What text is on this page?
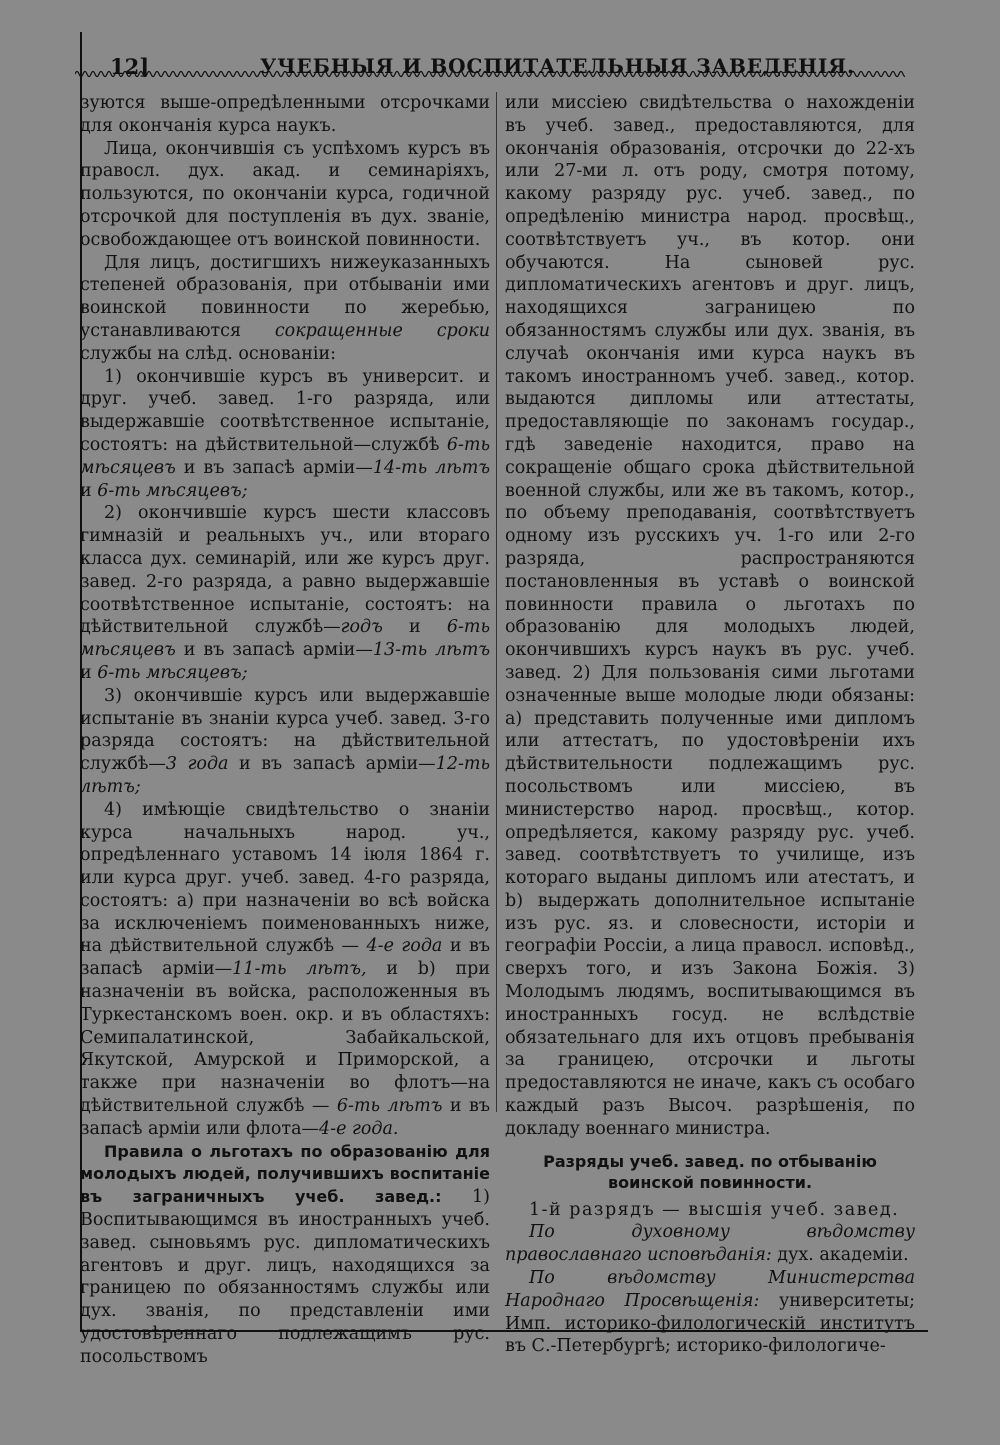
12]	УЧЕБНЫЯ И ВОСПИТАТЕЛЬНЫЯ ЗАВЕДЕНІЯ.

зуются выше-опредѣленными отсрочками для окончанія курса наукъ.

Лица, окончившія съ успѣхомъ курсъ въ правосл. дух. акад. и семинаріяхъ, пользуются, по окончаніи курса, годичной отсрочкой для поступленія въ дух. званіе, освобождающее отъ воинской повинности.

Для лицъ, достигшихъ нижеуказанныхъ степеней образованія, при отбываніи ими воинской повинности по жеребью, устанавливаются сокращенные сроки службы на слѣд. основаніи:

1) окончившіе курсъ въ университ. и друг. учеб. завед. 1-го разряда, или выдержавшіе соотвѣтственное испытаніе, состоятъ: на дѣйствительной—службѣ 6-ть мѣсяцевъ и въ запасѣ арміи—14-ть лѣтъ и 6-ть мѣсяцевъ;

2) окончившіе курсъ шести классовъ гимназій и реальныхъ уч., или втораго класса дух. семинарій, или же курсъ друг. завед. 2-го разряда, а равно выдержавшіе соотвѣтственное испытаніе, состоятъ: на дѣйствительной службѣ—годъ и 6-ть мѣсяцевъ и въ запасѣ арміи—13-ть лѣтъ и 6-ть мѣсяцевъ;

3) окончившіе курсъ или выдержавшіе испытаніе въ знаніи курса учеб. завед. 3-го разряда состоятъ: на дѣйствительной службѣ—3 года и въ запасѣ арміи—12-ть лѣтъ;

4) имѣющіе свидѣтельство о знаніи курса начальныхъ народ. уч., опредѣленнаго уставомъ 14 іюля 1864 г. или курса друг. учеб. завед. 4-го разряда, состоятъ: а) при назначеніи во всѣ войска за исключеніемъ поименованныхъ ниже, на дѣйствительной службѣ — 4-е года и въ запасѣ арміи—11-ть лѣтъ, и b) при назначеніи въ войска, расположенныя въ Туркестанскомъ воен. окр. и въ областяхъ: Семипалатинской, Забайкальской, Якутской, Амурской и Приморской, а также при назначеніи во флотъ—на дѣйствительной службѣ — 6-ть лѣтъ и въ запасѣ арміи или флота—4-е года.

Правила о льготахъ по образованію для молодыхъ людей, получившихъ воспитаніе въ заграничныхъ учеб. завед.: 1) Воспитывающимся въ иностранныхъ учеб. завед. сыновьямъ рус. дипломатическихъ агентовъ и друг. лицъ, находящихся за границею по обязанностямъ службы или дух. званія, по представленіи ими удостовѣреннаго подлежащимъ рус. посольствомъ

или миссіею свидѣтельства о нахожденіи въ учеб. завед., предоставляются, для окончанія образованія, отсрочки до 22-хъ или 27-ми л. отъ роду, смотря потому, какому разряду рус. учеб. завед., по опредѣленію министра народ. просвѣщ., соотвѣтствуетъ уч., въ котор. они обучаются. На сыновей рус. дипломатическихъ агентовъ и друг. лицъ, находящихся заграницею по обязанностямъ службы или дух. званія, въ случаѣ окончанія ими курса наукъ въ такомъ иностранномъ учеб. завед., котор. выдаются дипломы или аттестаты, предоставляющіе по законамъ государ., гдѣ заведеніе находится, право на сокращеніе общаго срока дѣйствительной военной службы, или же въ такомъ, котор., по объему преподаванія, соотвѣтствуетъ одному изъ русскихъ уч. 1-го или 2-го разряда, распространяются постановленныя въ уставѣ о воинской повинности правила о льготахъ по образованію для молодыхъ людей, окончившихъ курсъ наукъ въ рус. учеб. завед. 2) Для пользованія сими льготами означенные выше молодые люди обязаны: а) представить полученные ими дипломъ или аттестатъ, по удостовѣреніи ихъ дѣйствительности подлежащимъ рус. посольствомъ или миссіею, въ министерство народ. просвѣщ., котор. опредѣляется, какому разряду рус. учеб. завед. соотвѣтствуетъ то училище, изъ котораго выданы дипломъ или атестатъ, и b) выдержать дополнительное испытаніе изъ рус. яз. и словесности, исторіи и географіи Россіи, а лица правосл. исповѣд., сверхъ того, и изъ Закона Божія. 3) Молодымъ людямъ, воспитывающимся въ иностранныхъ госуд. не вслѣдствіе обязательнаго для ихъ отцовъ пребыванія за границею, отсрочки и льготы предоставляются не иначе, какъ съ особаго каждый разъ Высоч. разрѣшенія, по докладу военнаго министра.

Разряды учеб. завед. по отбыванію воинской повинности.

1-й разрядъ — высшія учеб. завед.

По духовному вѣдомству православнаго исповѣданія: дух. академіи.

По вѣдомству Министерства Народнаго Просвѣщенія: университеты; Имп. историко-филологическій институтъ въ С.-Петербургѣ; историко-филологиче-
